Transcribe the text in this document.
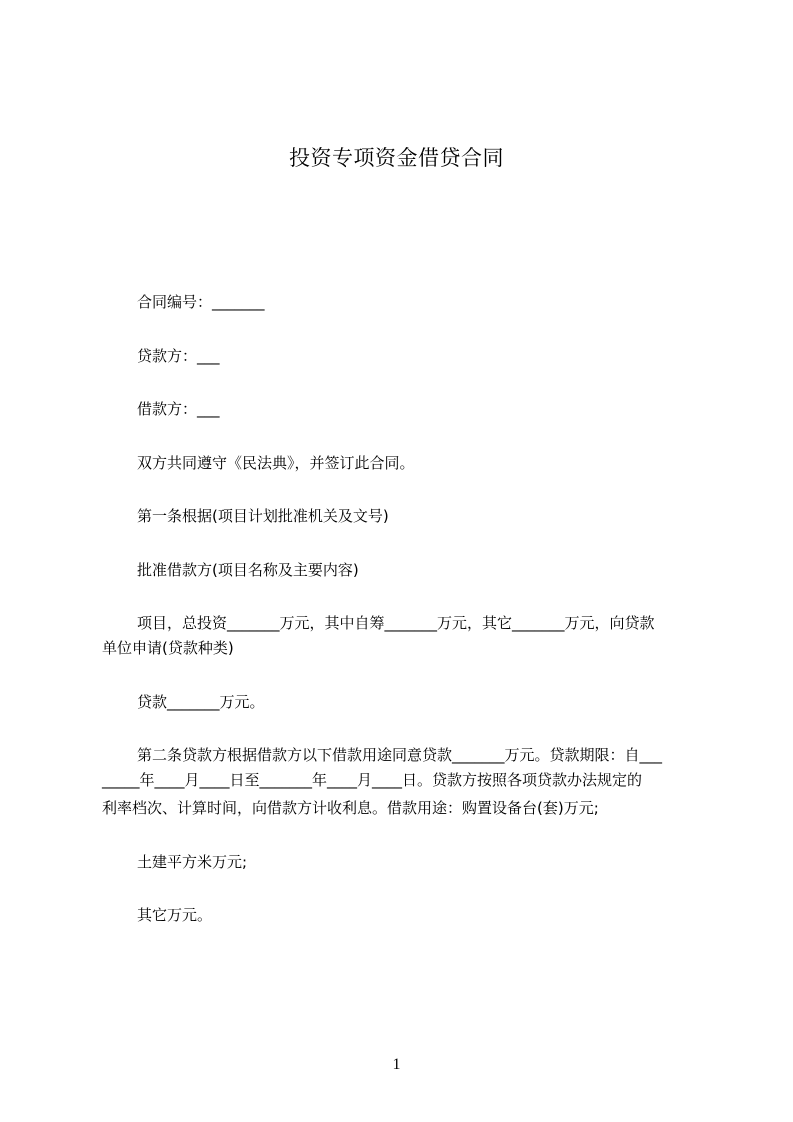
投资专项资金借贷合同
合同编号：_______
贷款方：___
借款方：___
双方共同遵守《民法典》，并签订此合同。
第一条根据(项目计划批准机关及文号)
批准借款方(项目名称及主要内容)
项目，总投资_______万元，其中自筹_______万元，其它_______万元，向贷款
单位申请(贷款种类)
贷款_______万元。
第二条贷款方根据借款方以下借款用途同意贷款_______万元。贷款期限：自___
_____年____月____日至_______年____月____日。贷款方按照各项贷款办法规定的
利率档次、计算时间，向借款方计收利息。借款用途：购置设备台(套)万元;
土建平方米万元;
其它万元。
1
